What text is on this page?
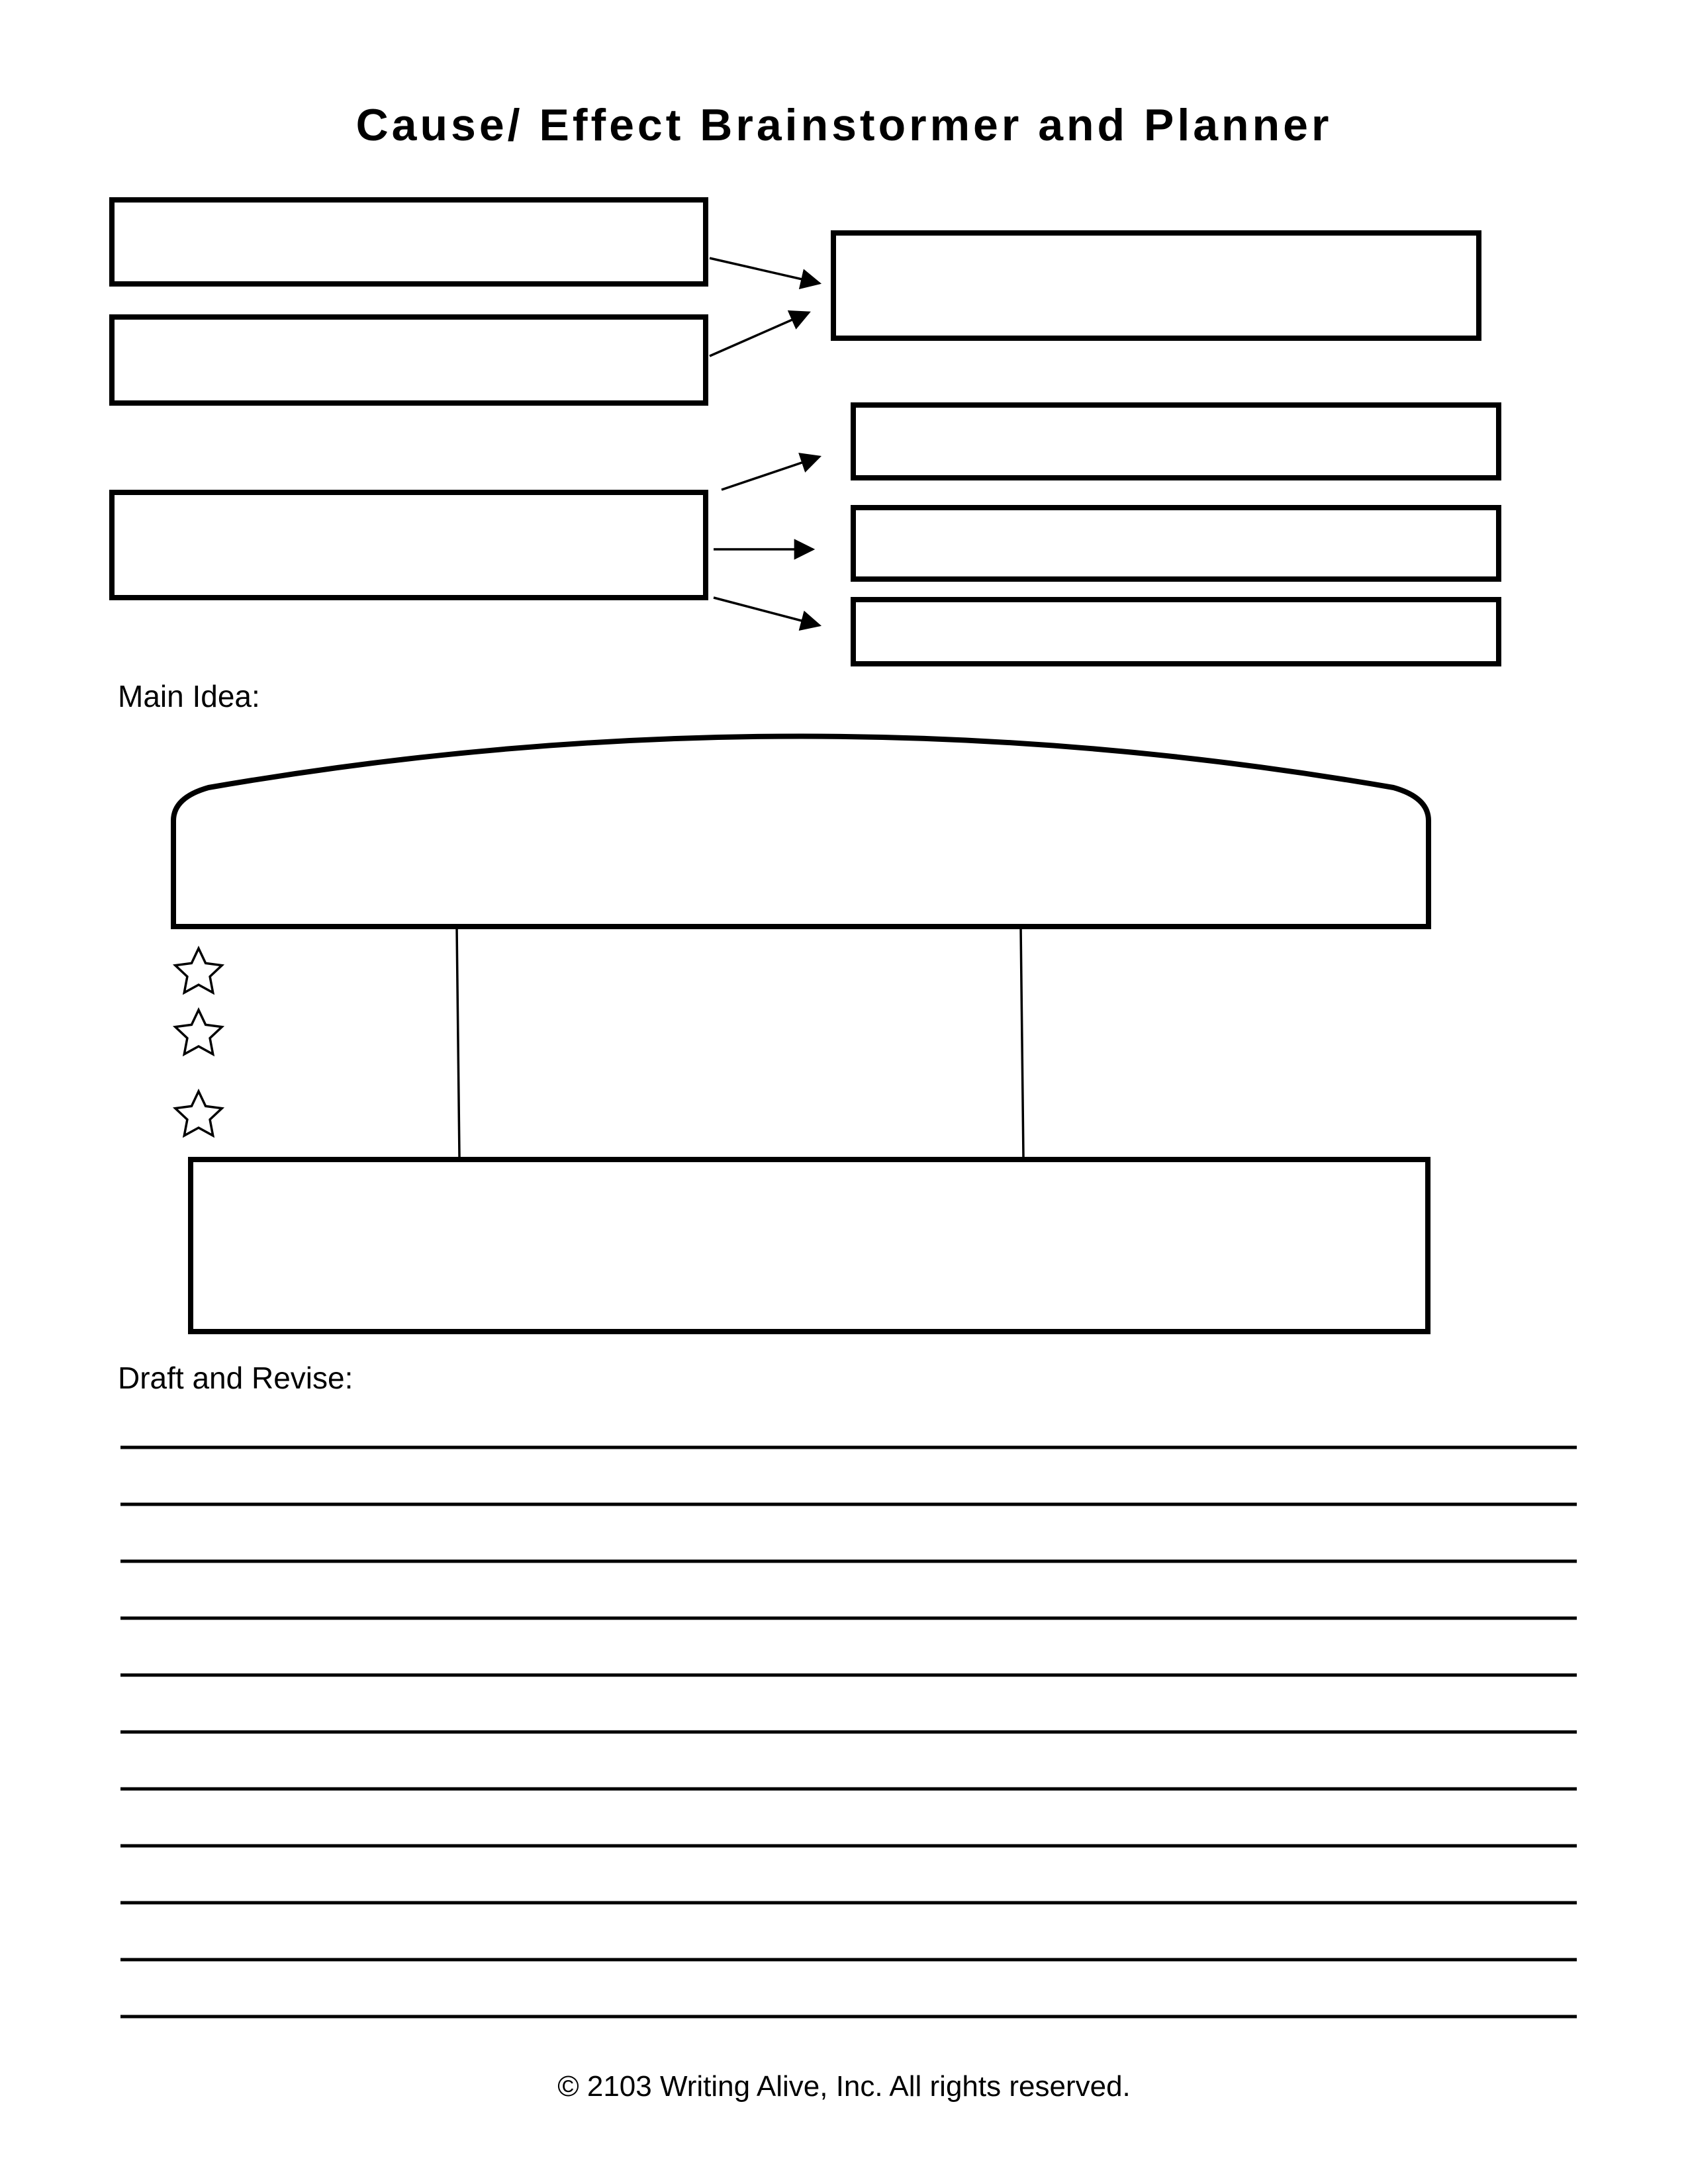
Cause/ Effect Brainstormer and Planner
Main Idea:
Draft and Revise:
© 2103 Writing Alive, Inc. All rights reserved.
